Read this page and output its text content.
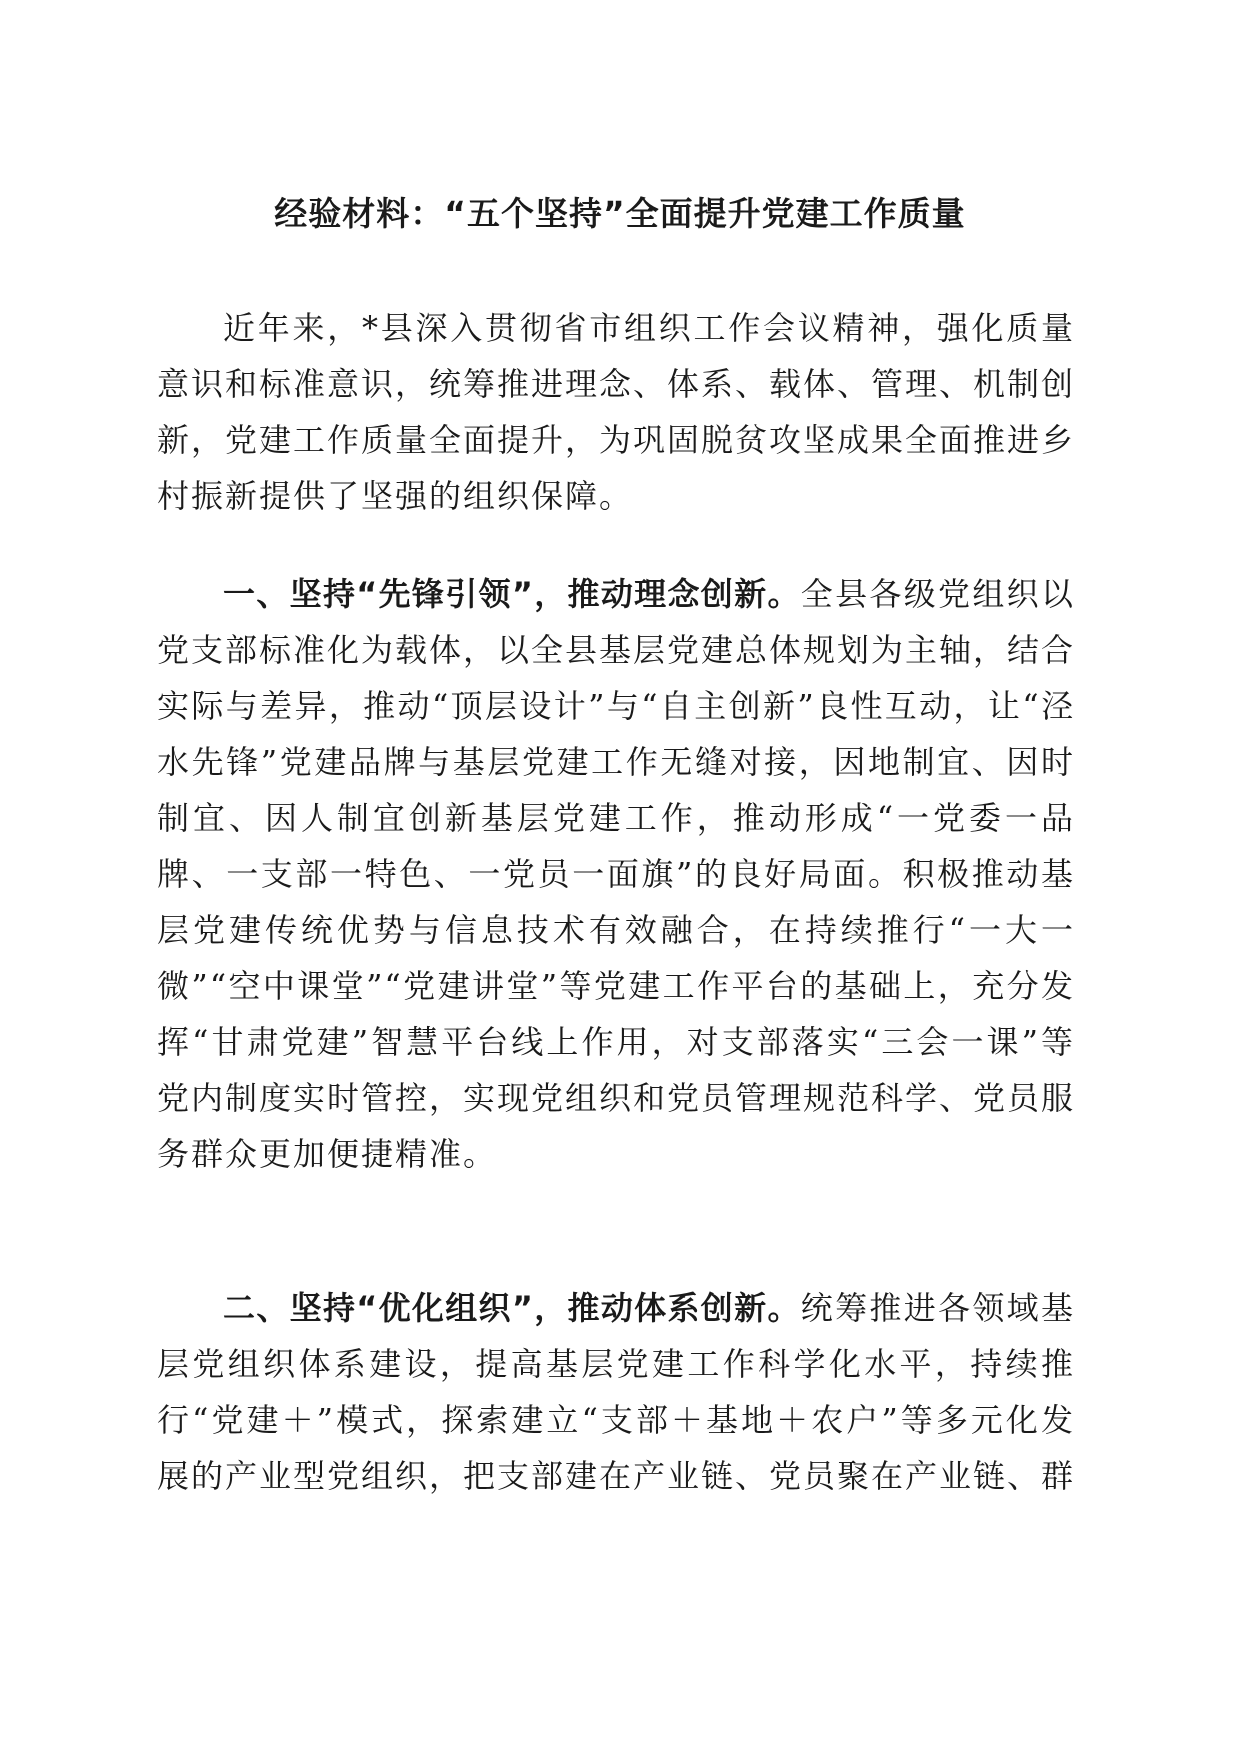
经验材料：“五个坚持”全面提升党建工作质量

近年来，*县深入贯彻省市组织工作会议精神，强化质量意识和标准意识，统筹推进理念、体系、载体、管理、机制创新，党建工作质量全面提升，为巩固脱贫攻坚成果全面推进乡村振新提供了坚强的组织保障。

一、坚持“先锋引领”，推动理念创新。全县各级党组织以党支部标准化为载体，以全县基层党建总体规划为主轴，结合实际与差异，推动“顶层设计”与“自主创新”良性互动，让“泾水先锋”党建品牌与基层党建工作无缝对接，因地制宜、因时制宜、因人制宜创新基层党建工作，推动形成“一党委一品牌、一支部一特色、一党员一面旗”的良好局面。积极推动基层党建传统优势与信息技术有效融合，在持续推行“一大一微”“空中课堂”“党建讲堂”等党建工作平台的基础上，充分发挥“甘肃党建”智慧平台线上作用，对支部落实“三会一课”等党内制度实时管控，实现党组织和党员管理规范科学、党员服务群众更加便捷精准。

二、坚持“优化组织”，推动体系创新。统筹推进各领域基层党组织体系建设，提高基层党建工作科学化水平，持续推行“党建＋”模式，探索建立“支部＋基地＋农户”等多元化发展的产业型党组织，把支部建在产业链、党员聚在产业链、群
